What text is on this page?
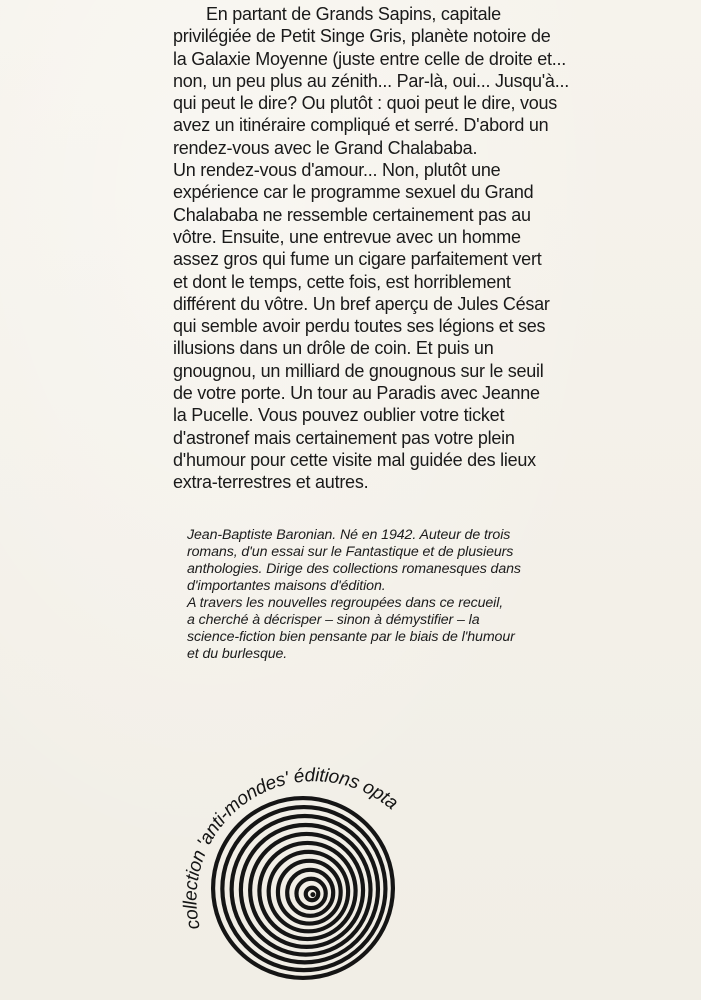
En partant de Grands Sapins, capitale
privilégiée de Petit Singe Gris, planète notoire de
la Galaxie Moyenne (juste entre celle de droite et...
non, un peu plus au zénith... Par-là, oui... Jusqu'à...
qui peut le dire? Ou plutôt : quoi peut le dire, vous
avez un itinéraire compliqué et serré. D'abord un
rendez-vous avec le Grand Chalababa.
Un rendez-vous d'amour... Non, plutôt une
expérience car le programme sexuel du Grand
Chalababa ne ressemble certainement pas au
vôtre. Ensuite, une entrevue avec un homme
assez gros qui fume un cigare parfaitement vert
et dont le temps, cette fois, est horriblement
différent du vôtre. Un bref aperçu de Jules César
qui semble avoir perdu toutes ses légions et ses
illusions dans un drôle de coin. Et puis un
gnougnou, un milliard de gnougnous sur le seuil
de votre porte. Un tour au Paradis avec Jeanne
la Pucelle. Vous pouvez oublier votre ticket
d'astronef mais certainement pas votre plein
d'humour pour cette visite mal guidée des lieux
extra-terrestres et autres.
Jean-Baptiste Baronian. Né en 1942. Auteur de trois
romans, d'un essai sur le Fantastique et de plusieurs
anthologies. Dirige des collections romanesques dans
d'importantes maisons d'édition.
A travers les nouvelles regroupées dans ce recueil,
a cherché à décrisper – sinon à démystifier – la
science-fiction bien pensante par le biais de l'humour
et du burlesque.
collection 'anti-mondes' éditions opta
